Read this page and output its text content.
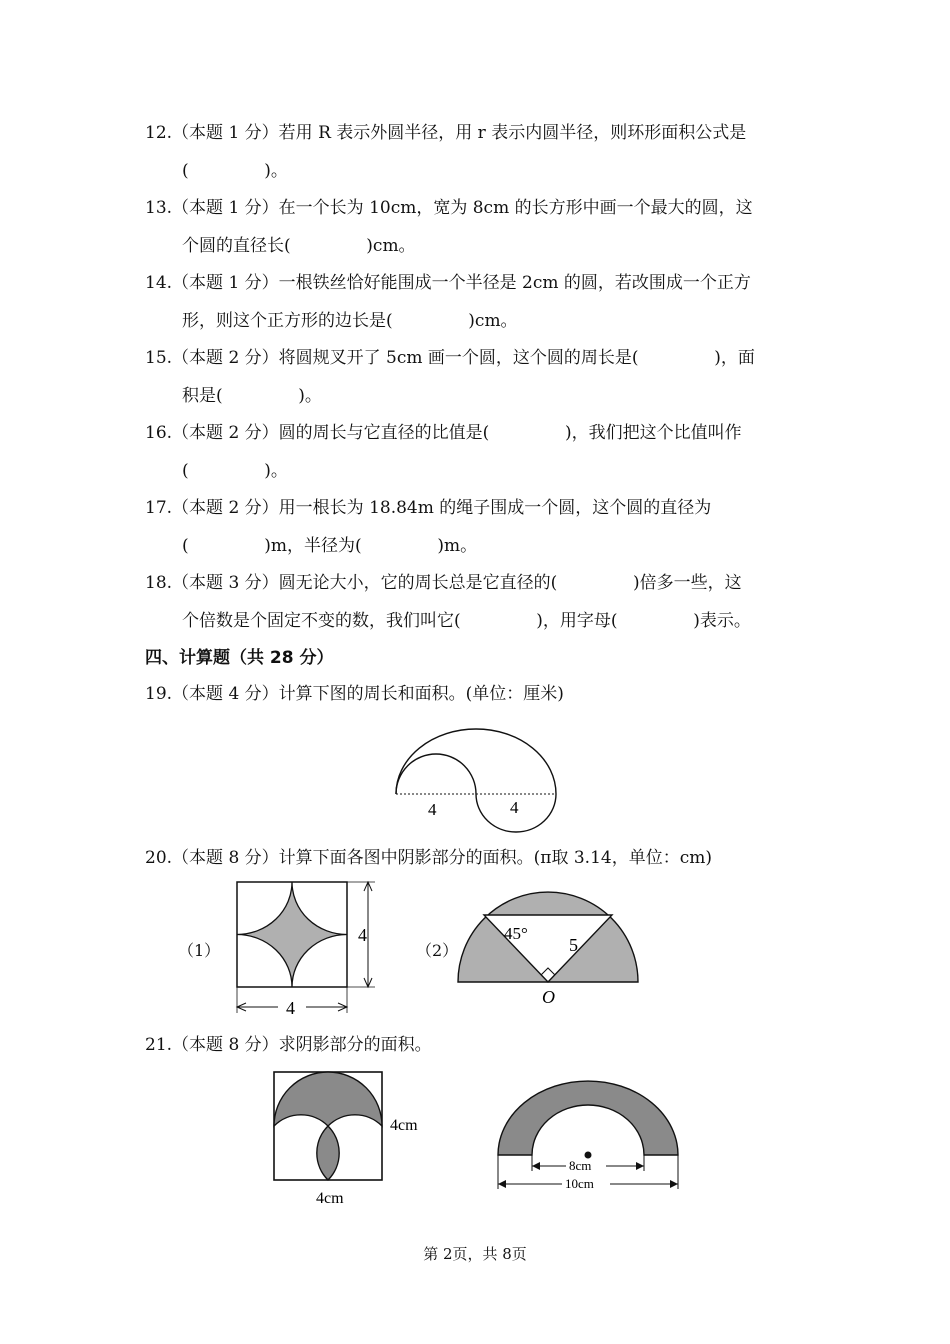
12.（本题 1 分）若用 R 表示外圆半径，用 r 表示内圆半径，则环形面积公式是
(              )。
13.（本题 1 分）在一个长为 10cm，宽为 8cm 的长方形中画一个最大的圆，这
个圆的直径长(              )cm。
14.（本题 1 分）一根铁丝恰好能围成一个半径是 2cm 的圆，若改围成一个正方
形，则这个正方形的边长是(              )cm。
15.（本题 2 分）将圆规叉开了 5cm 画一个圆，这个圆的周长是(              )，面
积是(              )。
16.（本题 2 分）圆的周长与它直径的比值是(              )，我们把这个比值叫作
(              )。
17.（本题 2 分）用一根长为 18.84m 的绳子围成一个圆，这个圆的直径为
(              )m，半径为(              )m。
18.（本题 3 分）圆无论大小，它的周长总是它直径的(              )倍多一些，这
个倍数是个固定不变的数，我们叫它(              )，用字母(              )表示。
四、计算题（共 28 分）
19.（本题 4 分）计算下图的周长和面积。(单位：厘米)
4	4
20.（本题 8 分）计算下面各图中阴影部分的面积。(π取 3.14，单位：cm)
（1）
4
4
（2）
45°
5
O
21.（本题 8 分）求阴影部分的面积。
4cm
4cm
8cm
10cm
第 2页，共 8页
